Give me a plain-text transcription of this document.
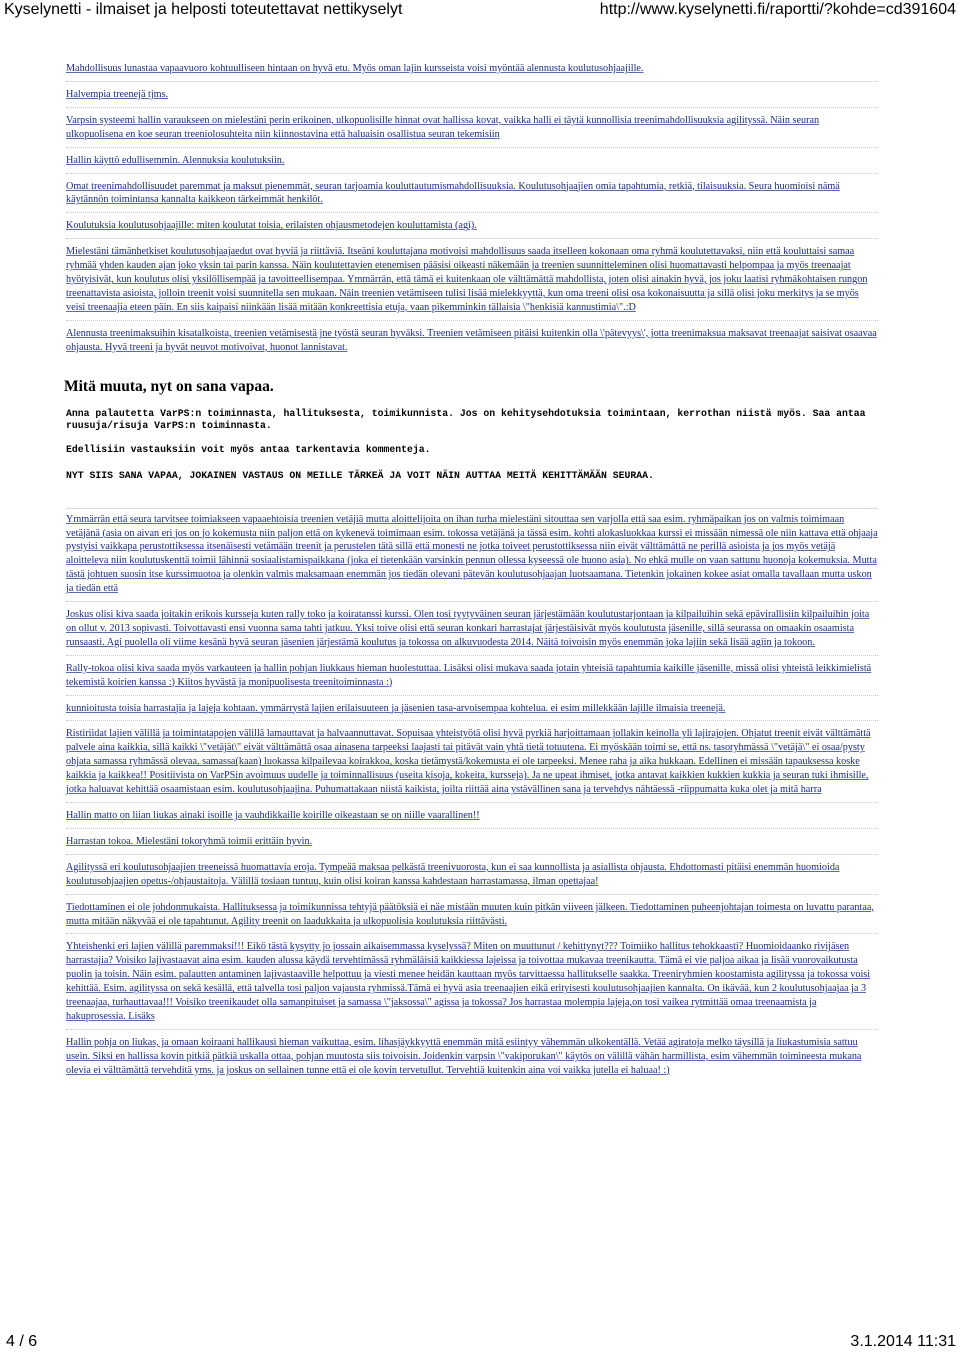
Kyselynetti - ilmaiset ja helposti toteutettavat nettikyselyt	http://www.kyselynetti.fi/raportti/?kohde=cd391604
Mahdollisuus lunastaa vapaavuoro kohtuulliseen hintaan on hyvä etu. Myös oman lajin kursseista voisi myöntää alennusta koulutusohjaajille.
Halvempia treenejä tjms.
Varpsin systeemi hallin varaukseen on mielestäni perin erikoinen, ulkopuolisille hinnat ovat hallissa kovat, vaikka halli ei täytä kunnollisia treenimahdollisuuksia agilityssä. Näin seuran ulkopuolisena en koe seuran treeniolosuhteita niin kiinnostavina että haluaisin osallistua seuran tekemisiin
Hallin käyttö edullisemmin. Alennuksia koulutuksiin.
Omat treenimahdollisuudet paremmat ja maksut pienemmät, seuran tarjoamia kouluttautumismahdollisuuksia. Koulutusohjaajien omia tapahtumia, retkiä, tilaisuuksia. Seura huomioisi nämä käytännön toimintansa kannalta kaikkeon tärkeimmät henkilöt.
Koulutuksia koulutusohjaajille: miten koulutat toisia, erilaisten ohjausmetodejen kouluttamista (agi).
Mielestäni tämänhetkiset koulutusohjaajaedut ovat hyviä ja riittäviä. Itseäni kouluttajana motivoisi mahdollisuus saada itselleen kokonaan oma ryhmä koulutettavaksi, niin että kouluttaisi samaa ryhmää yhden kauden ajan joko yksin tai parin kanssa. Näin koulutettavien etenemisen pääsisi oikeasti näkemään ja treenien suunnitteleminen olisi huomattavasti helpompaa ja myös treenaajat hyötyisivät, kun koulutus olisi yksilöllisempää ja tavoitteellisempaa. Ymmärrän, että tämä ei kuitenkaan ole välttämättä mahdollista, joten olisi ainakin hyvä, jos joku laatisi ryhmäkohtaisen rungon treenattavista asioista, jolloin treenit voisi suunnitella sen mukaan. Näin treenien vetämiseen tulisi lisää mielekkyyttä, kun oma treeni olisi osa kokonaisuutta ja sillä olisi joku merkitys ja se myös veisi treenaajia eteen päin. En siis kaipaisi niinkään lisää mitään konkreettisia etuja, vaan pikemminkin tällaisia \"henkisiä kannustimia\".:D
Alennusta treenimaksuihin kisatalkoista, treenien vetämisestä jne työstä seuran hyväksi. Treenien vetämiseen pitäisi kuitenkin olla \'pätevyys\', jotta treenimaksua maksavat treenaajat saisivat osaavaa ohjausta. Hyvä treeni ja hyvät neuvot motivoivat, huonot lannistavat.
Mitä muuta, nyt on sana vapaa.
Anna palautetta VarPS:n toiminnasta, hallituksesta, toimikunnista. Jos on kehitysehdotuksia toimintaan, kerrothan niistä myös. Saa antaa ruusuja/risuja VarPS:n toiminnasta.
Edellisiin vastauksiin voit myös antaa tarkentavia kommenteja.
NYT SIIS SANA VAPAA, JOKAINEN VASTAUS ON MEILLE TÄRKEÄ JA VOIT NÄIN AUTTAA MEITÄ KEHITTÄMÄÄN SEURAA.
Ymmärrän että seura tarvitsee toimiakseen vapaaehtoisia treenien vetäjiä mutta aloittelijoita on ihan turha mielestäni sitouttaa sen varjolla että saa esim. ryhmäpaikan jos on valmis toimimaan vetäjänä (asia on aivan eri jos on jo kokemusta niin paljon että on kykenevä toimimaan esim. tokossa vetäjänä ja tässä esim. kohti alokasluokkaa kurssi ei missään nimessä ole niin kattava että ohjaaja pystyisi vaikkapa perustottiksessa itsenäisesti vetämään treenit ja perustelen tätä sillä että monesti ne jotka toiveet perustottiksessa niin eivät välttämättä ne perillä asioista ja jos myös vetäjä aloitteleva niin koulutuskenttä toimii lähinnä sosiaalistamispaikkana (joka ei tietenkään varsinkin pennun ollessa kyseessä ole huono asia). No ehkä mulle on vaan sattunu huonoja kokemuksia. Mutta tästä johtuen suosin itse kurssimuotoa ja olenkin valmis maksamaan enemmän jos tiedän olevani pätevän koulutusohjaajan luotsaamana. Tietenkin jokainen kokee asiat omalla tavallaan mutta uskon ja tiedän että
Joskus olisi kiva saada joitakin erikois kursseja kuten rally toko ja koiratanssi kurssi. Olen tosi tyytyväinen seuran järjestämään koulutustarjontaan ja kilpailuihin sekä epävirallisiin kilpailuihin joita on ollut v. 2013 sopivasti. Toivottavasti ensi vuonna sama tahti jatkuu. Yksi toive olisi että seuran konkari harrastajat järjestäisivät myös koulutusta jäsenille, sillä seurassa on omaakin osaamista runsaasti. Agi puolella oli viime kesänä hyvä seuran jäsenien järjestämä koulutus ja tokossa on alkuvuodesta 2014. Näitä toivoisin myös enemmän joka lajiin sekä lisää agiin ja tokoon.
Rally-tokoa olisi kiva saada myös varkauteen ja hallin pohjan liukkaus hieman huolestuttaa. Lisäksi olisi mukava saada jotain yhteisiä tapahtumia kaikille jäsenille, missä olisi yhteistä leikkimielistä tekemistä koirien kanssa :) Kiitos hyvästä ja monipuolisesta treenitoiminnasta :)
kunnioitusta toisia harrastajia ja lajeja kohtaan. ymmärrystä lajien erilaisuuteen ja jäsenien tasa-arvoisempaa kohtelua. ei esim millekkään lajille ilmaisia treenejä.
Ristiriidat lajien välillä ja toimintatapojen välillä lamauttavat ja halvaannuttavat. Sopuisaa yhteistyötä olisi hyvä pyrkiä harjoittamaan jollakin keinolla yli lajirajojen. Ohjatut treenit eivät välttämättä palvele aina kaikkia, sillä kaikki \"vetäjät\" eivät välttämättä osaa ainasena tarpeeksi laajasti tai pitävät vain yhtä tietä totuutena. Ei myöskään toimi se, että ns. tasoryhmässä \"vetäjä\" ei osaa/pysty ohjata samassa ryhmässä olevaa, samassa(kaan) luokassa kilpailevaa koirakkoa, koska tietämystä/kokemusta ei ole tarpeeksi. Menee raha ja aika hukkaan. Edellinen ei missään tapauksessa koske kaikkia ja kaikkea!! Positiivista on VarPSin avoimuus uudelle ja toiminnallisuus (useita kisoja, kokeita, kursseja). Ja ne upeat ihmiset, jotka antavat kaikkien kukkien kukkia ja seuran tuki ihmisille, jotka haluavat kehittää osaamistaan esim. koulutusohjaajina. Puhumattakaan niistä kaikista, joilta riittää aina ystävällinen sana ja tervehdys nähtäessä -riippumatta kuka olet ja mitä harra
Hallin matto on liian liukas ainaki isoille ja vauhdikkaille koirille oikeastaan se on niille vaarallinen!!
Harrastan tokoa. Mielestäni tokoryhmä toimii erittäin hyvin.
Agilityssä eri koulutusohjaajien treeneissä huomattavia eroja. Tympeää maksaa pelkästä treenivuorosta, kun ei saa kunnollista ja asiallista ohjausta. Ehdottomasti pitäisi enemmän huomioida koulutusohjaajien opetus-/ohjaustaitoja. Välillä tosiaan tuntuu, kuin olisi koiran kanssa kahdestaan harrastamassa, ilman opettajaa!
Tiedottaminen ei ole johdonmukaista. Hallituksessa ja toimikunnissa tehtyjä päätöksiä ei näe mistään muuten kuin pitkän viiveen jälkeen. Tiedottaminen puheenjohtajan toimesta on luvattu parantaa, mutta mitään näkyvää ei ole tapahtunut. Agility treenit on laadukkaita ja ulkopuolisia koulutuksia riittävästi.
Yhteishenki eri lajien välillä paremmaksi!!! Eikö tästä kysytty jo jossain aikaisemmassa kyselyssä? Miten on muuttunut / kehittynyt??? Toimiiko hallitus tehokkaasti? Huomioidaanko rivijäsen harrastajia? Voisiko lajivastaavat aina esim. kauden alussa käydä tervehtimässä ryhmäläisiä kaikkiessa lajeissa ja toivottaa mukavaa treenikautta. Tämä ei vie paljoa aikaa ja lisää vuorovaikutusta puolin ja toisin. Näin esim. palautten antaminen lajivastaaville helpottuu ja viesti menee heidän kauttaan myös tarvittaessa hallitukselle saakka. Treeniryhmien koostamista agilityssa ja tokossa voisi kehittää. Esim. agilityssa on sekä kesällä, että talvella tosi paljon vajausta ryhmissä.Tämä ei hyvä asia treenaajien eikä erityisesti koulutusohjaajien kannalta. On ikävää, kun 2 koulutusohjaajaa ja 3 treenaajaa, turhauttavaa!!! Voisiko treenikaudet olla samanpituiset ja samassa \"jaksossa\" agissa ja tokossa? Jos harrastaa molempia lajeja,on tosi vaikea rytmittää omaa treenaamista ja hakuprosessia. Lisäks
Hallin pohja on liukas, ja omaan koiraani hallikausi hieman vaikuttaa, esim. lihasjäykkyyttä enemmän mitä esiintyy vähemmän ulkokentällä. Vetää agiratoja melko täysillä ja liukastumisia sattuu usein. Siksi en hallissa kovin pitkiä pätkiä uskalla ottaa, pohjan muutosta siis toivoisin. Joidenkin varpsin \"vakiporukan\" käytös on välillä vähän harmillista, esim vähemmän toimineesta mukana olevia ei välttämättä tervehditä yms. ja joskus on sellainen tunne että ei ole kovin tervetullut. Tervehtiä kuitenkin aina voi vaikka jutella ei haluaa! :)
4 / 6	3.1.2014 11:31
